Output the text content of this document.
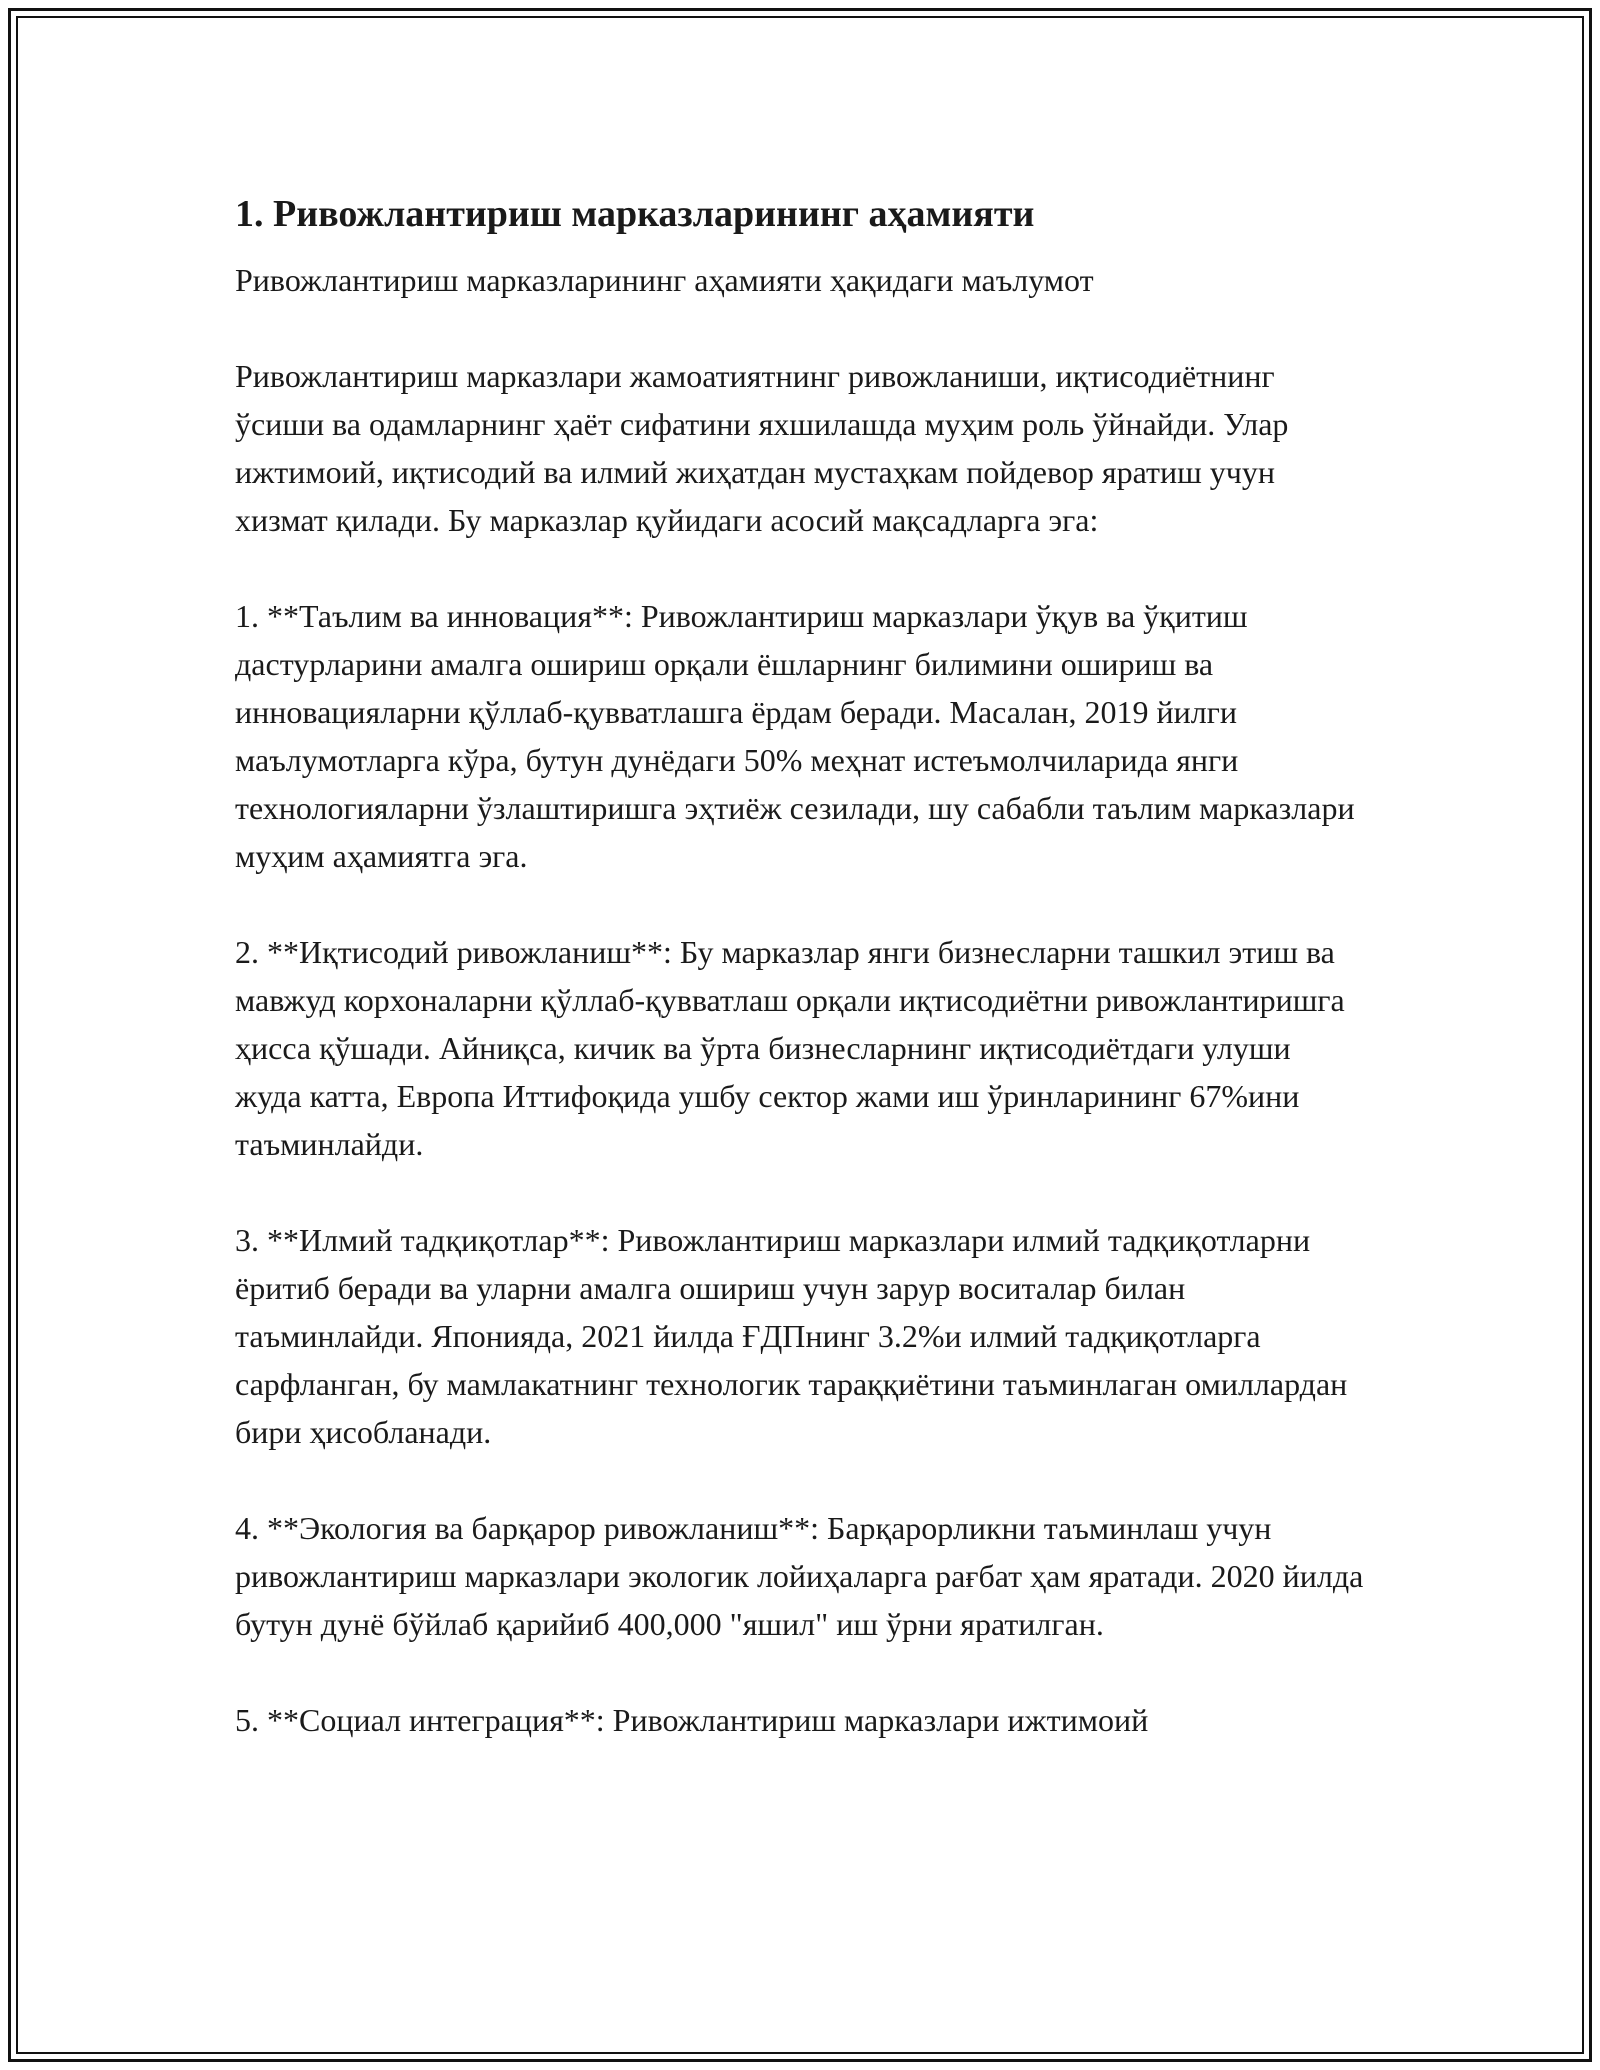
1. Ривожлантириш марказларининг аҳамияти

Ривожлантириш марказларининг аҳамияти ҳақидаги маълумот

Ривожлантириш марказлари жамоатиятнинг ривожланиши, иқтисодиётнинг ўсиши ва одамларнинг ҳаёт сифатини яхшилашда муҳим роль ўйнайди. Улар ижтимоий, иқтисодий ва илмий жиҳатдан мустаҳкам пойдевор яратиш учун хизмат қилади. Бу марказлар қуйидаги асосий мақсадларга эга:

1. **Таълим ва инновация**: Ривожлантириш марказлари ўқув ва ўқитиш дастурларини амалга ошириш орқали ёшларнинг билимини ошириш ва инновацияларни қўллаб-қувватлашга ёрдам беради. Масалан, 2019 йилги маълумотларга кўра, бутун дунёдаги 50% меҳнат истеъмолчиларида янги технологияларни ўзлаштиришга эҳтиёж сезилади, шу сабабли таълим марказлари муҳим аҳамиятга эга.

2. **Иқтисодий ривожланиш**: Бу марказлар янги бизнесларни ташкил этиш ва мавжуд корхоналарни қўллаб-қувватлаш орқали иқтисодиётни ривожлантиришга ҳисса қўшади. Айниқса, кичик ва ўрта бизнесларнинг иқтисодиётдаги улуши жуда катта, Европа Иттифоқида ушбу сектор жами иш ўринларининг 67%ини таъминлайди.

3. **Илмий тадқиқотлар**: Ривожлантириш марказлари илмий тадқиқотларни ёритиб беради ва уларни амалга ошириш учун зарур воситалар билан таъминлайди. Японияда, 2021 йилда ҒДПнинг 3.2%и илмий тадқиқотларга сарфланган, бу мамлакатнинг технологик тараққиётини таъминлаган омиллардан бири ҳисобланади.

4. **Экология ва барқарор ривожланиш**: Барқарорликни таъминлаш учун ривожлантириш марказлари экологик лойиҳаларга рағбат ҳам яратади. 2020 йилда бутун дунё бўйлаб қарийиб 400,000 "яшил" иш ўрни яратилган.

5. **Социал интеграция**: Ривожлантириш марказлари ижтимоий
